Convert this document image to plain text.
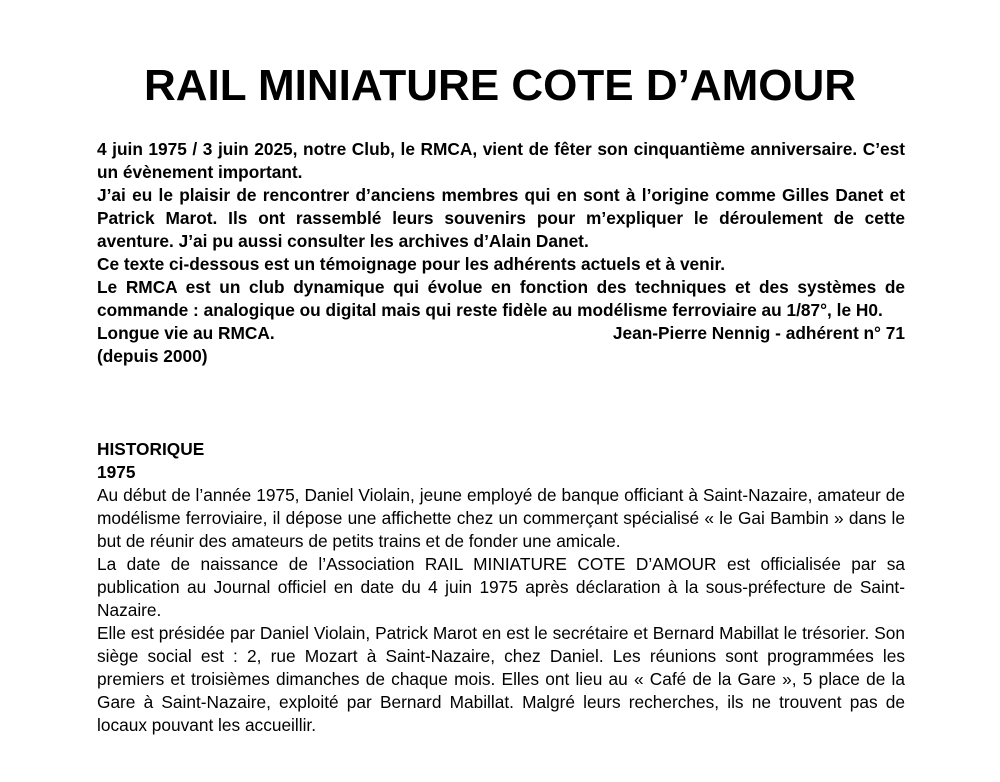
RAIL MINIATURE COTE D’AMOUR

4 juin 1975 / 3 juin 2025, notre Club, le RMCA, vient de fêter son cinquantième anniversaire. C’est un évènement important.

J’ai eu le plaisir de rencontrer d’anciens membres qui en sont à l’origine comme Gilles Danet et Patrick Marot. Ils ont rassemblé leurs souvenirs pour m’expliquer le déroulement de cette aventure. J’ai pu aussi consulter les archives d’Alain Danet.

Ce texte ci-dessous est un témoignage pour les adhérents actuels et à venir.

Le RMCA est un club dynamique qui évolue en fonction des techniques et des systèmes de commande : analogique ou digital mais qui reste fidèle au modélisme ferroviaire au 1/87°, le H0.

Longue vie au RMCA.	Jean-Pierre Nennig - adhérent n° 71

(depuis 2000)

HISTORIQUE

1975

Au début de l’année 1975, Daniel Violain, jeune employé de banque officiant à Saint-Nazaire, amateur de modélisme ferroviaire, il dépose une affichette chez un commerçant spécialisé « le Gai Bambin » dans le but de réunir des amateurs de petits trains et de fonder une amicale.

La date de naissance de l’Association RAIL MINIATURE COTE D’AMOUR est officialisée par sa publication au Journal officiel en date du 4 juin 1975 après déclaration à la sous-préfecture de Saint-Nazaire.

Elle est présidée par Daniel Violain, Patrick Marot en est le secrétaire et Bernard Mabillat le trésorier. Son siège social est : 2, rue Mozart à Saint-Nazaire, chez Daniel. Les réunions sont programmées les premiers et troisièmes dimanches de chaque mois. Elles ont lieu au « Café de la Gare », 5 place de la Gare à Saint-Nazaire, exploité par Bernard Mabillat. Malgré leurs recherches, ils ne trouvent pas de locaux pouvant les accueillir.
